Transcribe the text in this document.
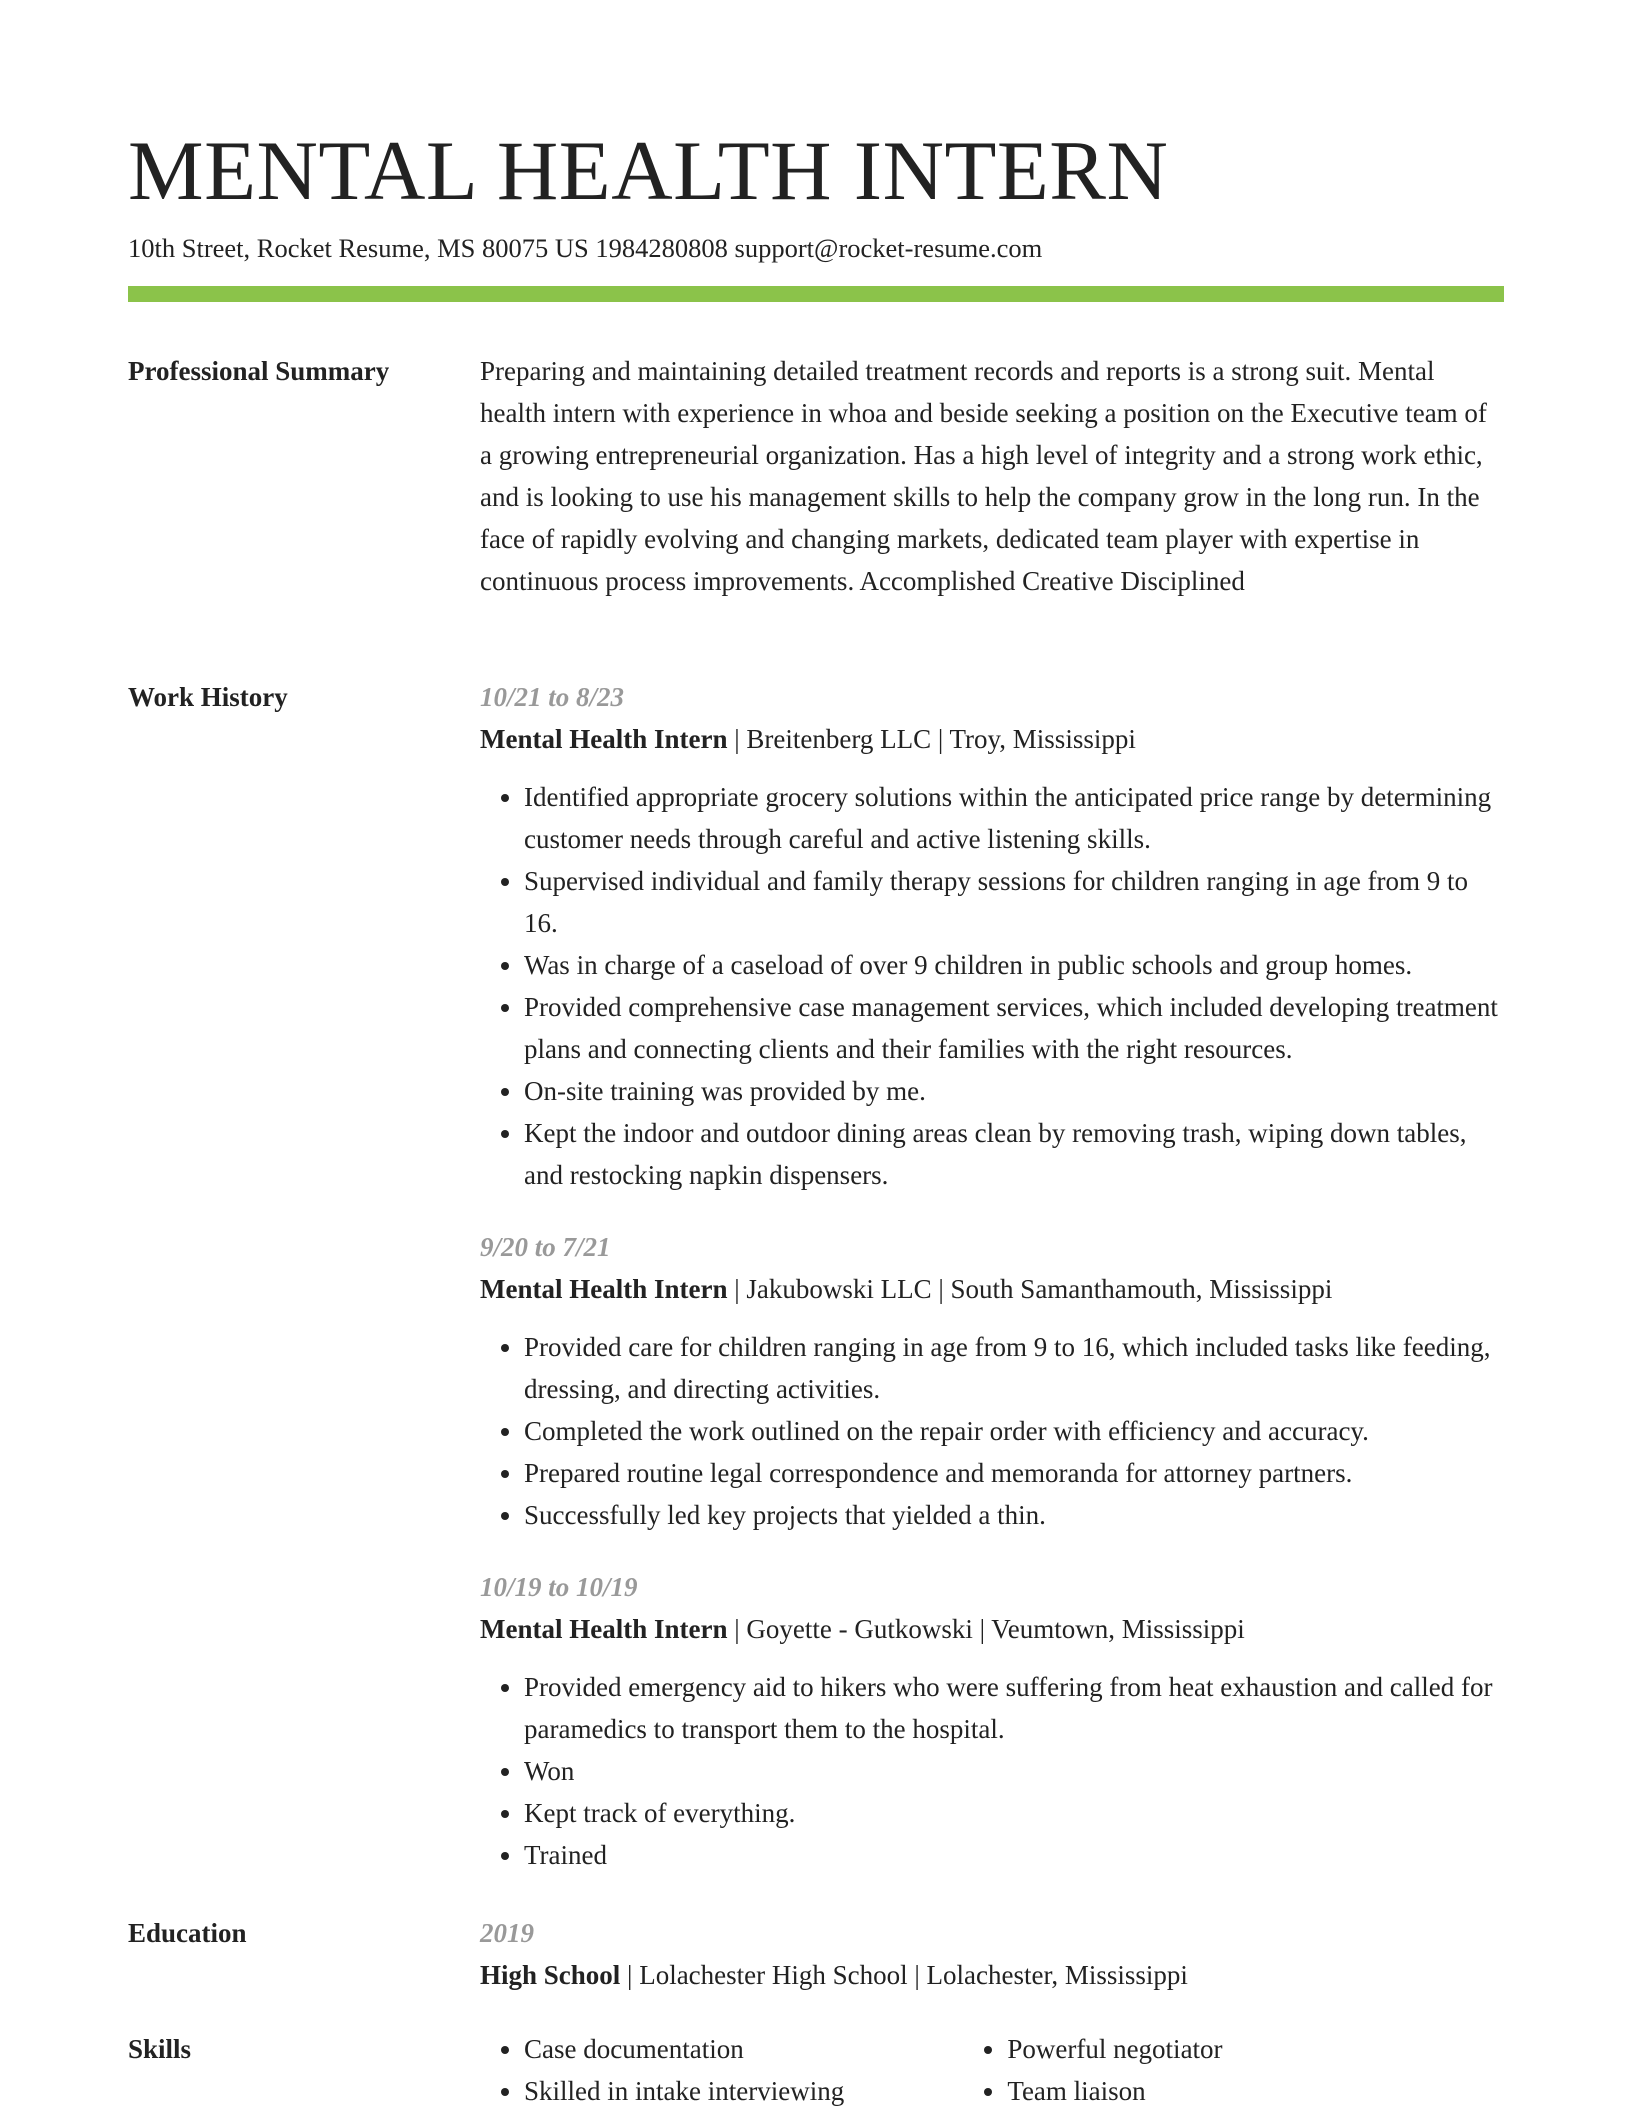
MENTAL HEALTH INTERN
10th Street, Rocket Resume, MS 80075 US 1984280808 support@rocket-resume.com
Professional Summary	Preparing and maintaining detailed treatment records and reports is a strong suit. Mental health intern with experience in whoa and beside seeking a position on the Executive team of a growing entrepreneurial organization. Has a high level of integrity and a strong work ethic, and is looking to use his management skills to help the company grow in the long run. In the face of rapidly evolving and changing markets, dedicated team player with expertise in continuous process improvements. Accomplished Creative Disciplined

Work History	10/21 to 8/23
Mental Health Intern | Breitenberg LLC | Troy, Mississippi
• Identified appropriate grocery solutions within the anticipated price range by determining customer needs through careful and active listening skills.
• Supervised individual and family therapy sessions for children ranging in age from 9 to 16.
• Was in charge of a caseload of over 9 children in public schools and group homes.
• Provided comprehensive case management services, which included developing treatment plans and connecting clients and their families with the right resources.
• On-site training was provided by me.
• Kept the indoor and outdoor dining areas clean by removing trash, wiping down tables, and restocking napkin dispensers.
9/20 to 7/21
Mental Health Intern | Jakubowski LLC | South Samanthamouth, Mississippi
• Provided care for children ranging in age from 9 to 16, which included tasks like feeding, dressing, and directing activities.
• Completed the work outlined on the repair order with efficiency and accuracy.
• Prepared routine legal correspondence and memoranda for attorney partners.
• Successfully led key projects that yielded a thin.
10/19 to 10/19
Mental Health Intern | Goyette - Gutkowski | Veumtown, Mississippi
• Provided emergency aid to hikers who were suffering from heat exhaustion and called for paramedics to transport them to the hospital.
• Won
• Kept track of everything.
• Trained
Education	2019
High School | Lolachester High School | Lolachester, Mississippi
Skills
•	Case documentation
• Skilled in intake interviewing
• Powerful negotiator
• Team liaison
